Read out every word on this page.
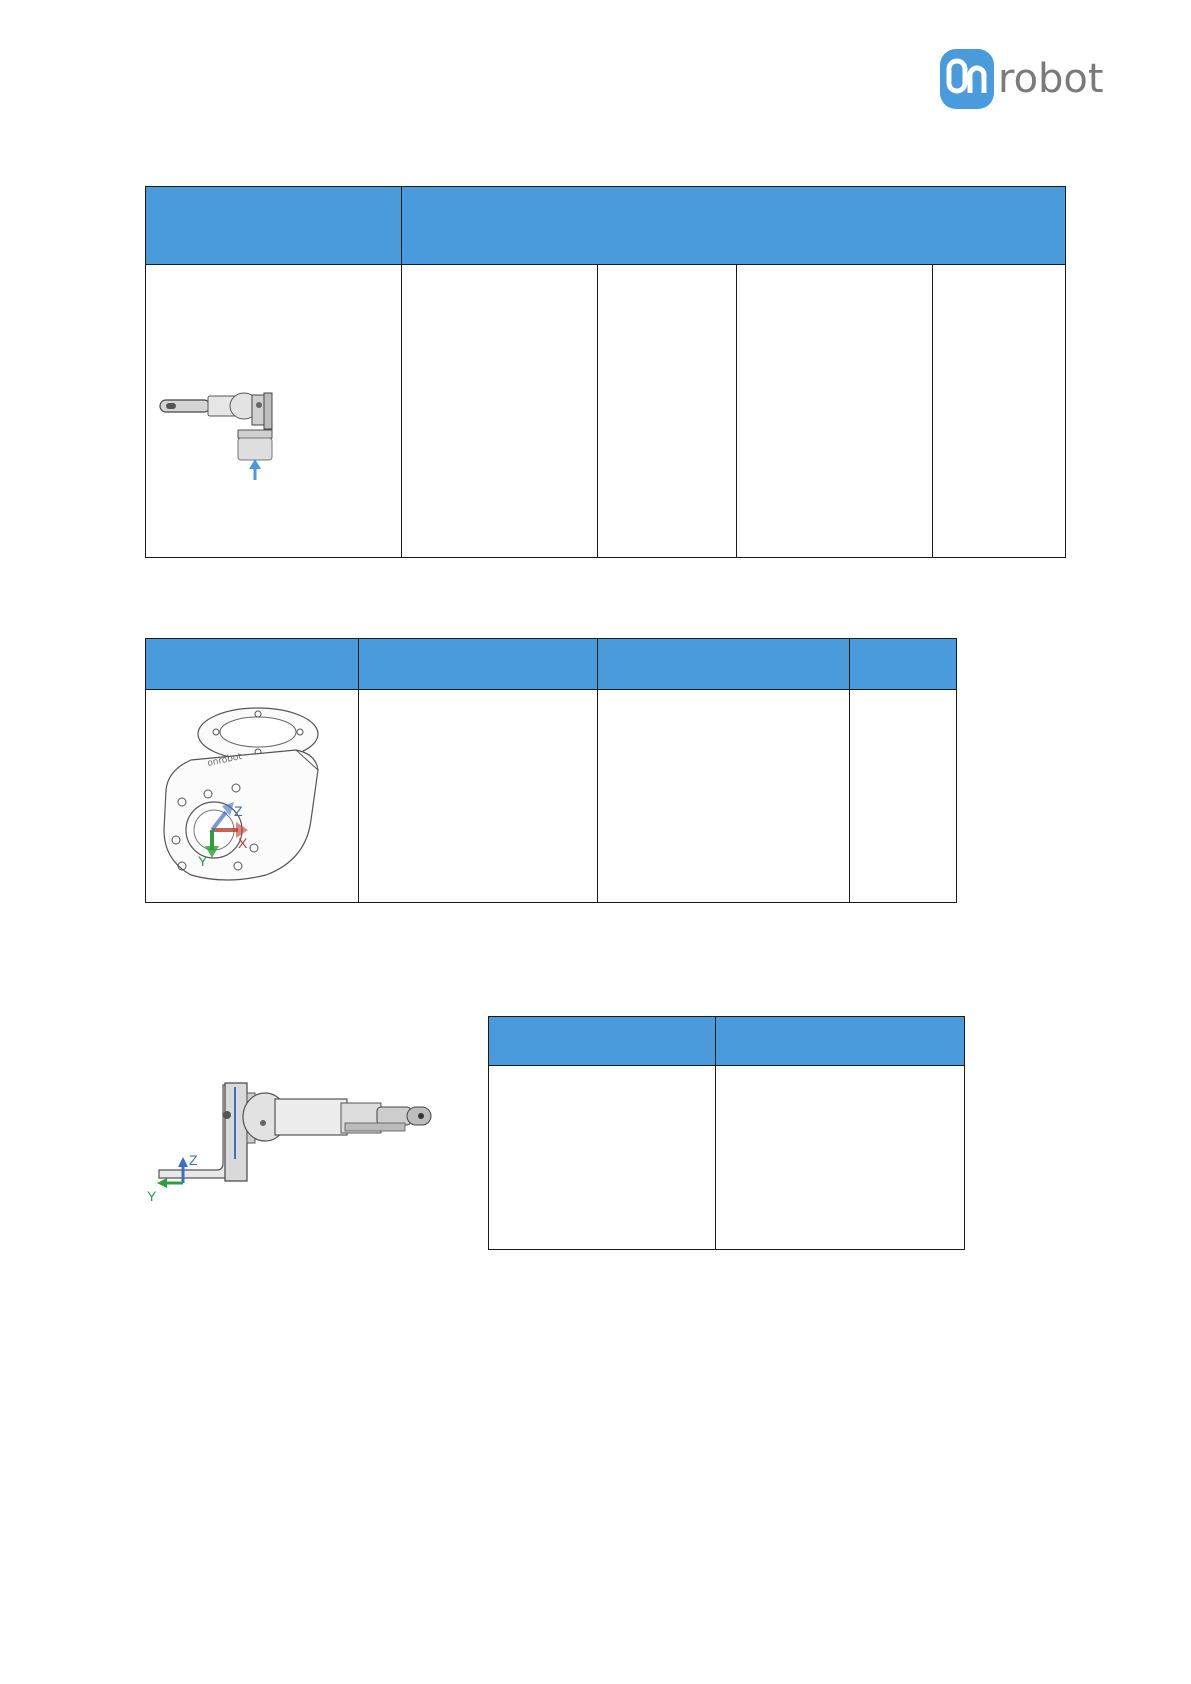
robot

onrobot
Z
X
Y			

Z
Y
